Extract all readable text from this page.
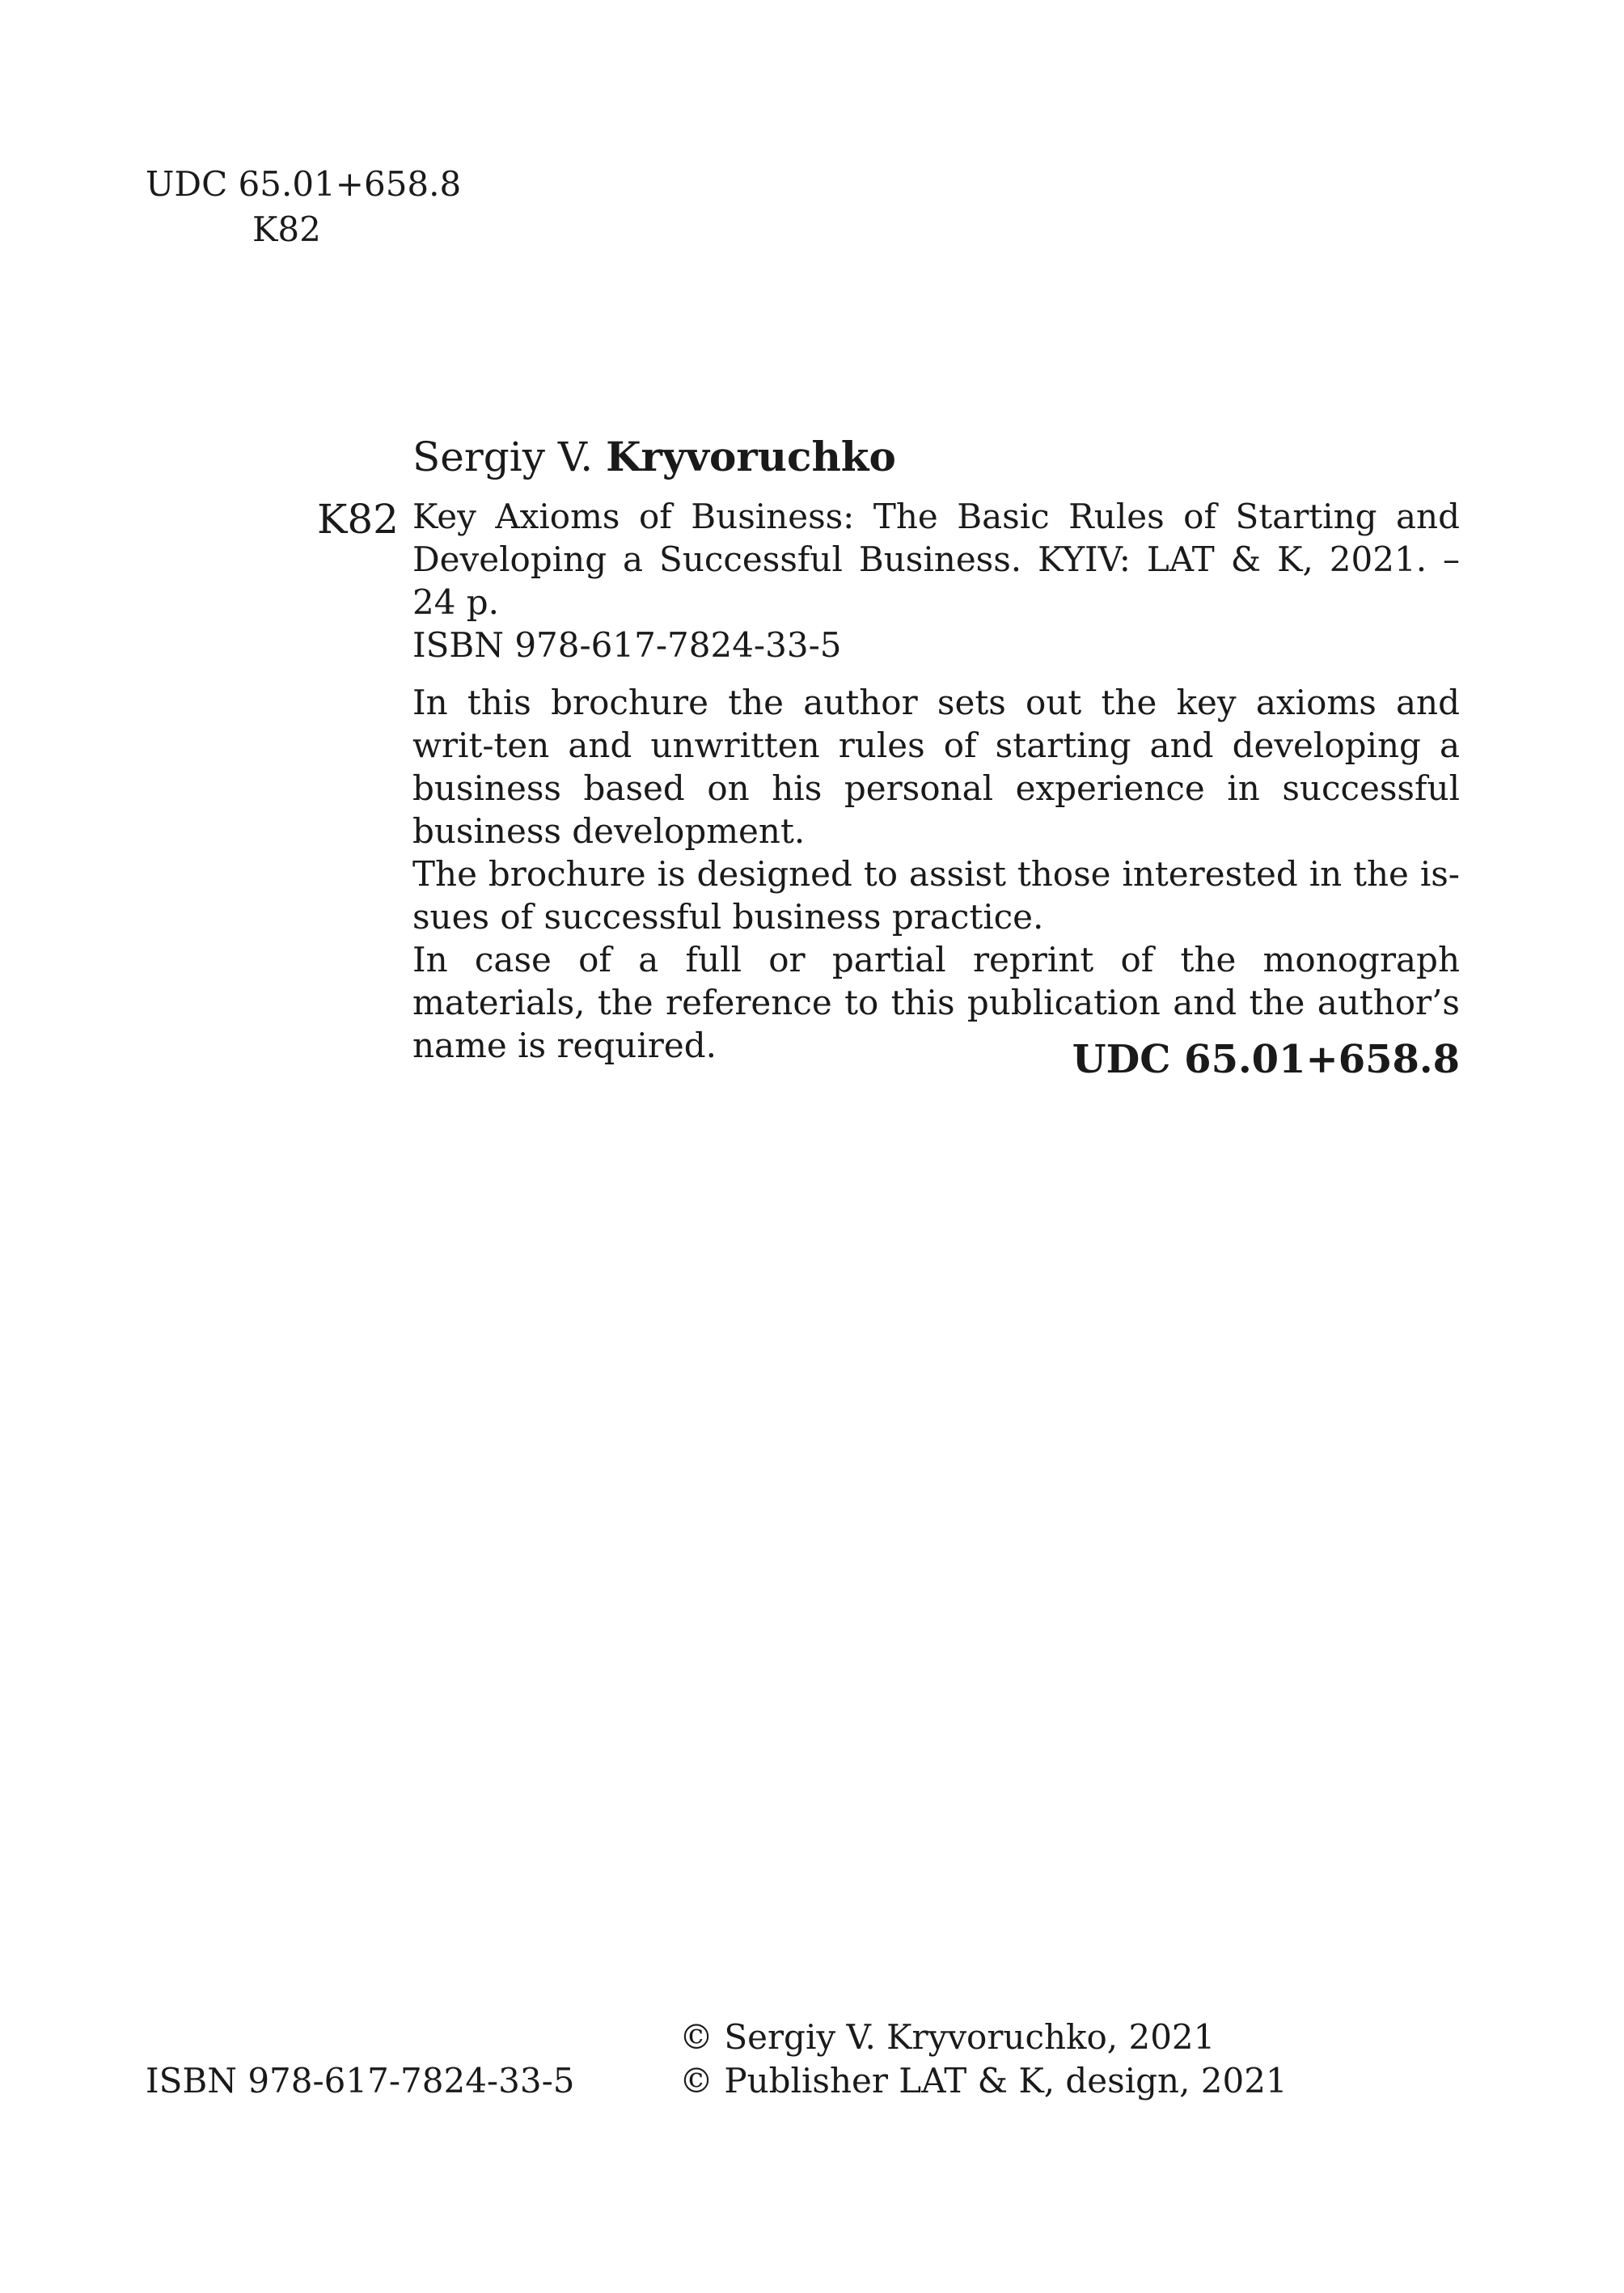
UDC 65.01+658.8
K82
Sergiy V. Kryvoruchko
K82 Key Axioms of Business: The Basic Rules of Starting and Developing a Successful Business. KYIV: LAT & K, 2021. – 24 p.

ISBN 978-617-7824-33-5

In this brochure the author sets out the key axioms and writ-ten and unwritten rules of starting and developing a business based on his personal experience in successful business development.

The brochure is designed to assist those interested in the is-sues of successful business practice.

In case of a full or partial reprint of the monograph materials, the reference to this publication and the author’s name is required.	UDC 65.01+658.8
ISBN 978-617-7824-33-5

© Sergiy V. Kryvoruchko, 2021

© Publisher LAT & K, design, 2021
